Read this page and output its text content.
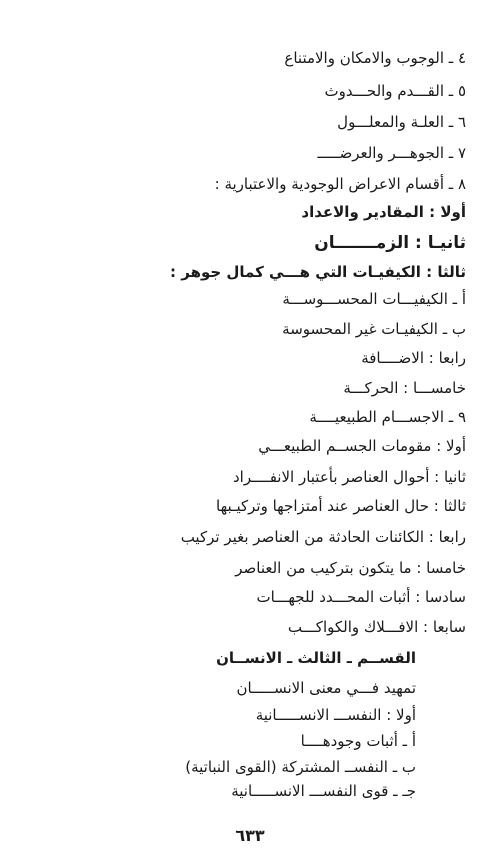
٤ ـ الوجوب والامكان والامتناع
٥ ـ القـــدم والحـــدوث
٦ ـ العلـة والمعلـــول
٧ ـ الجوهـــر والعرضـــــ
٨ ـ أقسام الاعراض الوجودية والاعتبارية :
أولا : المقادير والاعداد
ثانيـا : الزمـــــــان
ثالثا : الكيفيـات التي هـــي كمال جوهر :
أ ـ الكيفيـــات المحســـوســـة
ب ـ الكيفيـات غير المحسوسة
رابعا : الاضــــافة
خامســـا : الحركـــة
٩ ـ الاجســـام الطبيعيــــة
أولا : مقومات الجســم الطبيعـــي
ثانيا : أحوال العناصر بأعتبار الانفــــراد
ثالثا : حال العناصر عند أمتزاجها وتركيـبها
رابعا : الكائنات الحادثة من العناصر بغير تركيب
خامسا : ما يتكون بتركيب من العناصر
سادسا : أثبات المحـــدد للجهـــات
سابعا : الافـــلاك والكواكـــب
القســم ـ الثالث ـ الانســان
تمهيد فـــي معنى الانســـــان
أولا : النفســـ الانســـــانية
أ ـ أثبات وجودهــــا
ب ـ النفســ المشتركة (القوى النباتية)
جـ ـ قوى النفســـ الانســـــانية
٦٣٣
